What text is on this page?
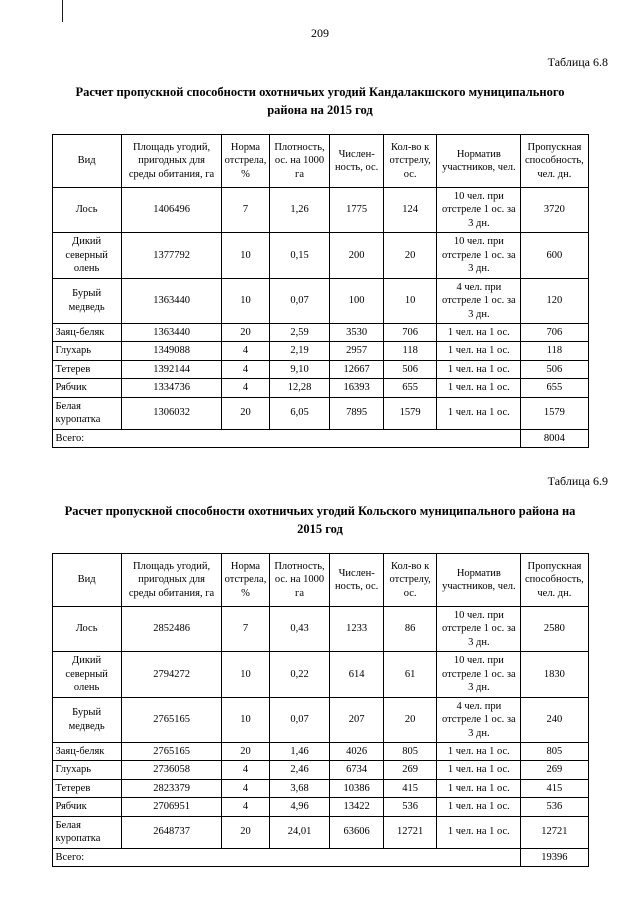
209
Таблица 6.8
Расчет пропускной способности охотничьих угодий Кандалакшского муниципального района на 2015 год
Вид	Площадь угодий, пригодных для среды обитания, га	Норма отстрела, %	Плотность, ос. на 1000 га	Численность, ос.	Кол-во к отстрелу, ос.	Норматив участников, чел.	Пропускная способность, чел. дн.
Лось	1406496	7	1,26	1775	124	10 чел. при отстреле 1 ос. за 3 дн.	3720
Дикий северный олень	1377792	10	0,15	200	20	10 чел. при отстреле 1 ос. за 3 дн.	600
Бурый медведь	1363440	10	0,07	100	10	4 чел. при отстреле 1 ос. за 3 дн.	120
Заяц-беляк	1363440	20	2,59	3530	706	1 чел. на 1 ос.	706
Глухарь	1349088	4	2,19	2957	118	1 чел. на 1 ос.	118
Тетерев	1392144	4	9,10	12667	506	1 чел. на 1 ос.	506
Рябчик	1334736	4	12,28	16393	655	1 чел. на 1 ос.	655
Белая куропатка	1306032	20	6,05	7895	1579	1 чел. на 1 ос.	1579
Всего:							8004
Таблица 6.9
Расчет пропускной способности охотничьих угодий Кольского муниципального района на 2015 год
Вид	Площадь угодий, пригодных для среды обитания, га	Норма отстрела, %	Плотность, ос. на 1000 га	Численность, ос.	Кол-во к отстрелу, ос.	Норматив участников, чел.	Пропускная способность, чел. дн.
Лось	2852486	7	0,43	1233	86	10 чел. при отстреле 1 ос. за 3 дн.	2580
Дикий северный олень	2794272	10	0,22	614	61	10 чел. при отстреле 1 ос. за 3 дн.	1830
Бурый медведь	2765165	10	0,07	207	20	4 чел. при отстреле 1 ос. за 3 дн.	240
Заяц-беляк	2765165	20	1,46	4026	805	1 чел. на 1 ос.	805
Глухарь	2736058	4	2,46	6734	269	1 чел. на 1 ос.	269
Тетерев	2823379	4	3,68	10386	415	1 чел. на 1 ос.	415
Рябчик	2706951	4	4,96	13422	536	1 чел. на 1 ос.	536
Белая куропатка	2648737	20	24,01	63606	12721	1 чел. на 1 ос.	12721
Всего:							19396
